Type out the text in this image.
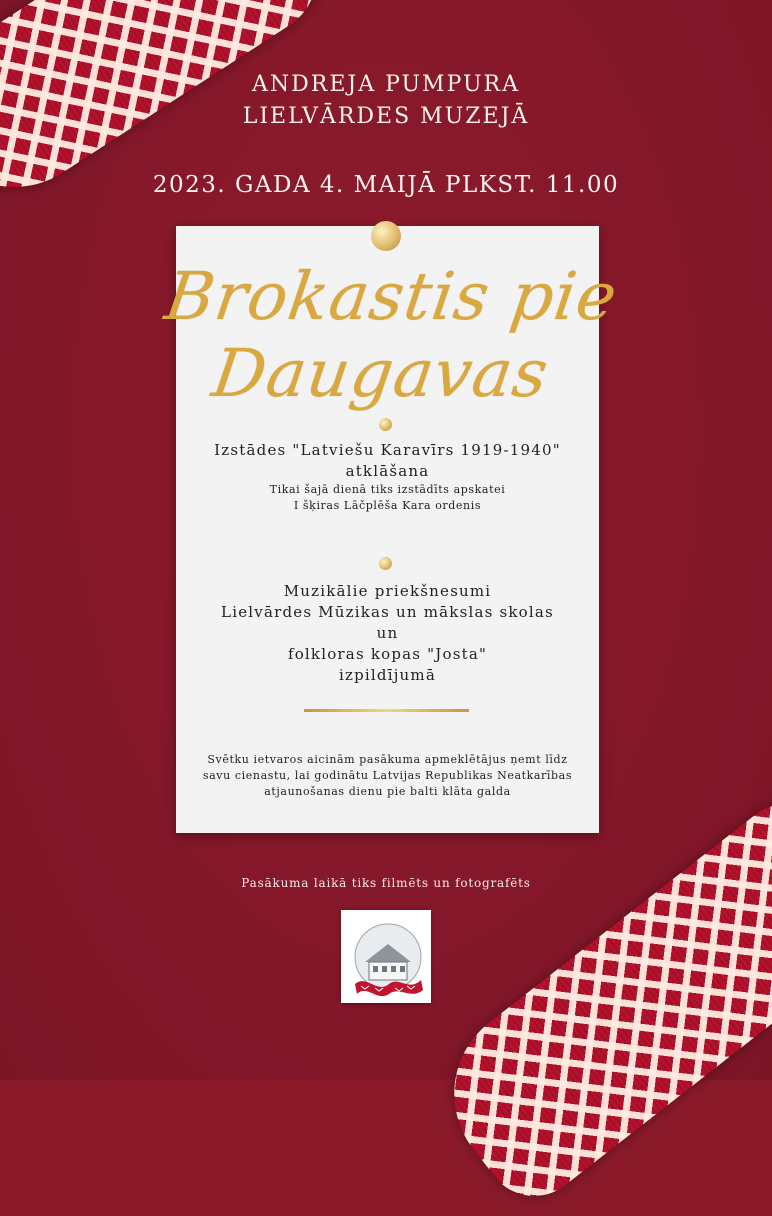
ANDREJA PUMPURA
LIELVĀRDES MUZEJĀ
2023. GADA 4. MAIJĀ PLKST. 11.00
Brokastis pie Daugavas
Izstādes "Latviešu Karavīrs 1919-1940"
atklāšana
Tikai šajā dienā tiks izstādīts apskatei
I šķiras Lāčplēša Kara ordenis
Muzikālie priekšnesumi
Lielvārdes Mūzikas un mākslas skolas
un
folkloras kopas "Josta"
izpildījumā
Svētku ietvaros aicinām pasākuma apmeklētājus ņemt līdz
savu cienastu, lai godinātu Latvijas Republikas Neatkarības
atjaunošanas dienu pie balti klāta galda
Pasākuma laikā tiks filmēts un fotografēts
